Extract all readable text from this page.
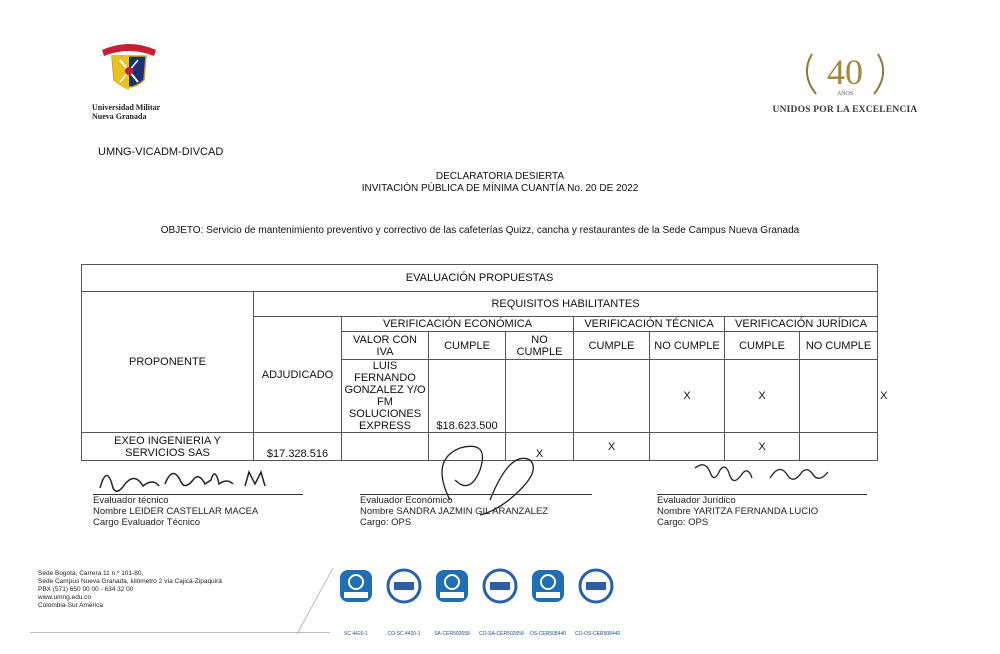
Universidad Militar
Nueva Granada
40
AÑOS
UNIDOS POR LA EXCELENCIA
UMNG-VICADM-DIVCAD
DECLARATORIA DESIERTA
INVITACIÓN PÚBLICA DE MÍNIMA CUANTÍA No. 20 DE 2022
OBJETO: Servicio de mantenimiento preventivo y correctivo de las cafeterías Quizz, cancha y restaurantes de la Sede Campus Nueva Granada
EVALUACIÓN PROPUESTAS									
PROPONENTE	REQUISITOS HABILITANTES								
	ADJUDICADO	VERIFICACIÓN ECONÓMICA			VERIFICACIÓN TÉCNICA		VERIFICACIÓN JURÍDICA		
		VALOR CON IVA	CUMPLE	NO CUMPLE	CUMPLE	NO CUMPLE	CUMPLE	NO CUMPLE	
		LUIS FERNANDO GONZALEZ Y/O FM SOLUCIONES EXPRESS	$18.623.500			X	X		X	
EXEO INGENIERIA Y SERVICIOS SAS	$17.328.516			X	X		X		
Evaluador técnico
Nombre LEIDER CASTELLAR MACEA
Cargo Evaluador Técnico
Evaluador Económico
Nombre SANDRA JAZMIN GIL ARANZALEZ
Cargo: OPS
Evaluador Jurídico
Nombre YARITZA FERNANDA LUCIO
Cargo: OPS
Sede Bogotá, Carrera 11 n.º 101-80,
Sede Campus Nueva Granada, kilómetro 2 vía Cajicá-Zipaquirá
PBX (571) 650 00 00 - 634 32 00
www.umng.edu.co
Colombia-Sur América
SC 4420-1	CO-SC 4420-1	SA-CER502658	CO-SA-CER502658	OS-CER508440	CO-OS-CER508440
